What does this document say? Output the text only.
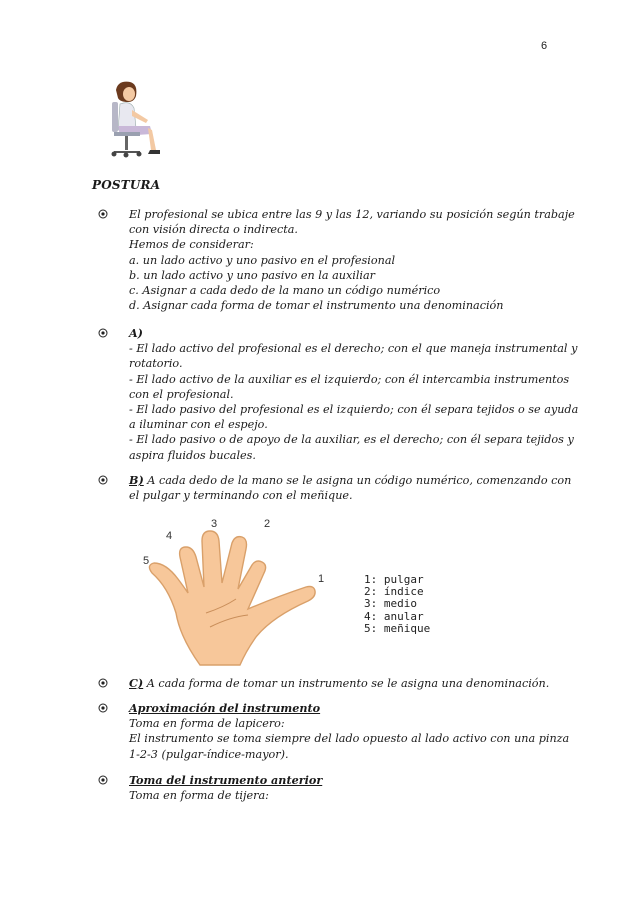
6
POSTURA
El profesional se ubica entre las 9 y las 12, variando su posición según trabaje
con visión directa o indirecta.
Hemos de considerar:
a. un lado activo y uno pasivo en el profesional
b. un lado activo y uno pasivo en la auxiliar
c. Asignar a cada dedo de la mano un código numérico
d. Asignar cada forma de tomar el instrumento una denominación
A)
- El lado activo del profesional es el derecho; con el que maneja instrumental y
rotatorio.
- El lado activo de la auxiliar es el izquierdo; con él intercambia instrumentos
con el profesional.
- El lado pasivo del profesional es el izquierdo; con él separa tejidos o se ayuda
a iluminar con el espejo.
- El lado pasivo o de apoyo de la auxiliar, es el derecho; con él separa tejidos y
aspira fluidos bucales.
B) A cada dedo de la mano se le asigna un código numérico, comenzando con
el pulgar y terminando con el meñique.
1
2
3
4
5
1: pulgar
2: índice
3: medio
4: anular
5: meñique
C) A cada forma de tomar un instrumento se le asigna una denominación.
Aproximación del instrumento
Toma en forma de lapicero:
El instrumento se toma siempre del lado opuesto al lado activo con una pinza
1-2-3 (pulgar-índice-mayor).
Toma del instrumento anterior
Toma en forma de tijera:
